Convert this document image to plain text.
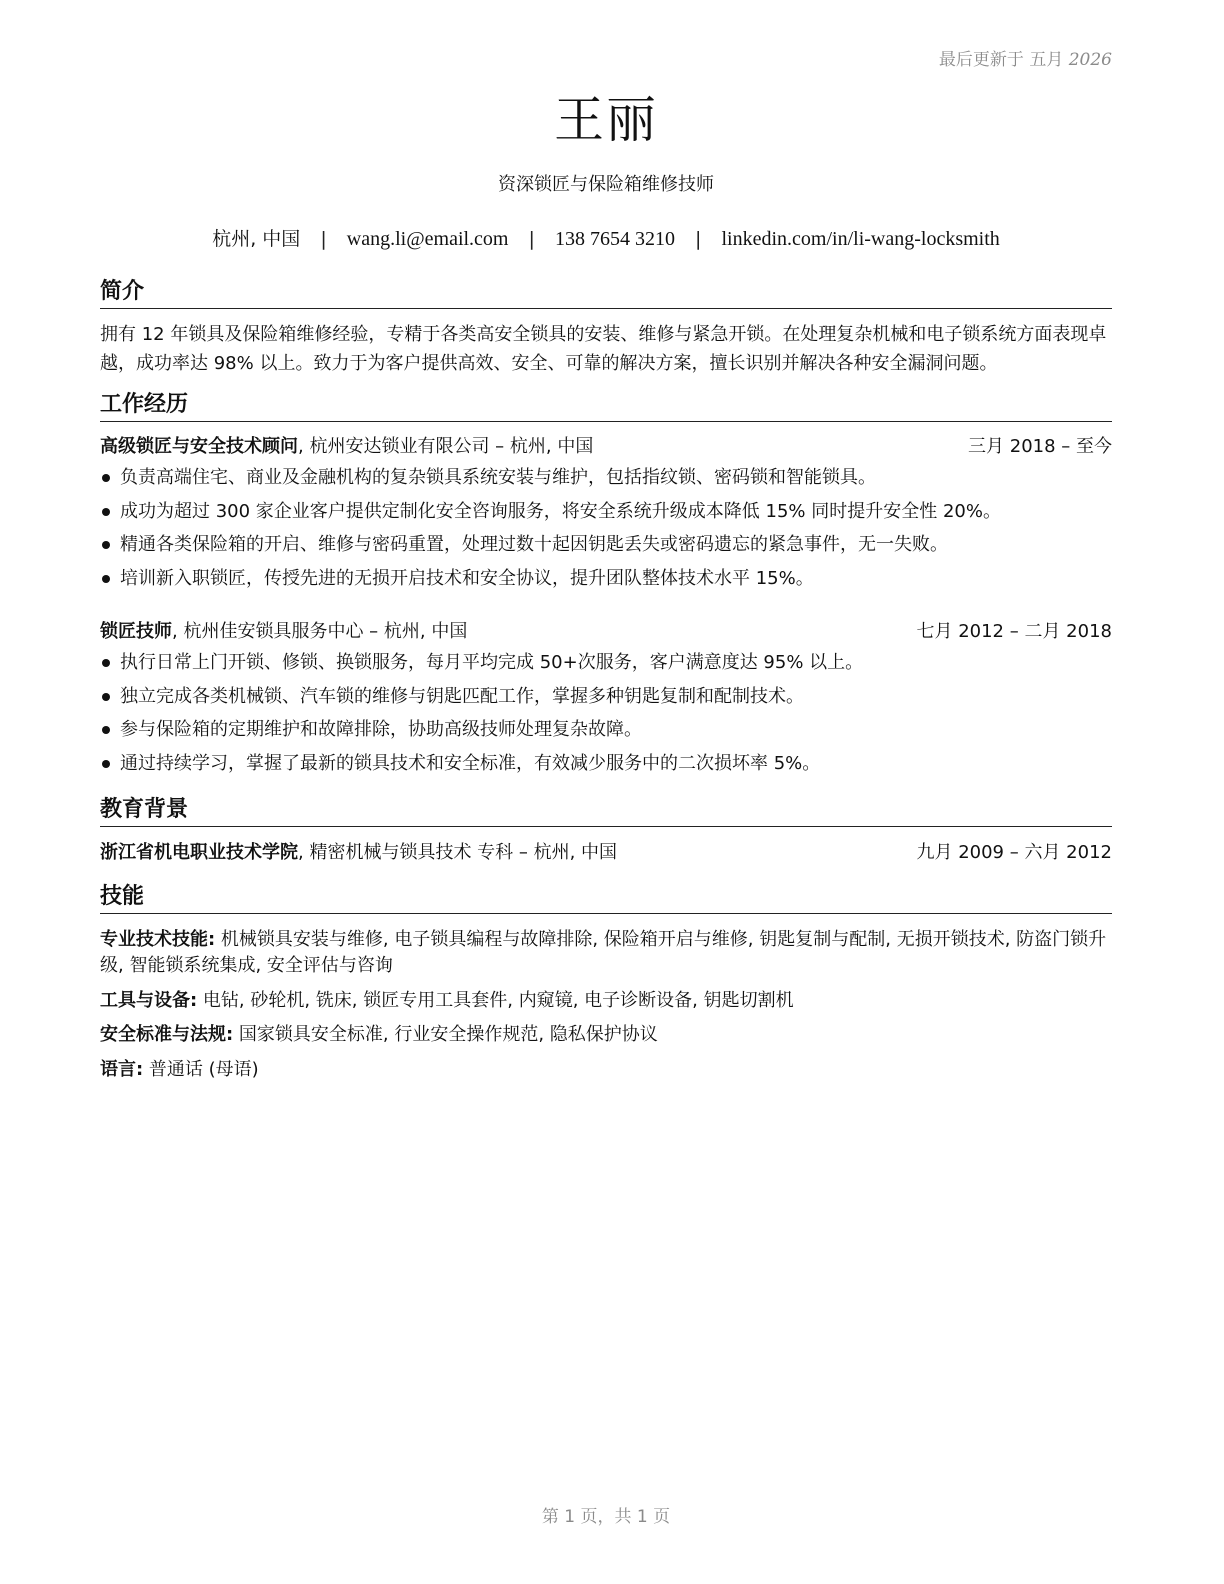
最后更新于 五月 2026
王丽
资深锁匠与保险箱维修技师
杭州, 中国 | wang.li@email.com | 138 7654 3210 | linkedin.com/in/li-wang-locksmith
简介
拥有 12 年锁具及保险箱维修经验，专精于各类高安全锁具的安装、维修与紧急开锁。在处理复杂机械和电子锁系统方面表现卓越，成功率达 98% 以上。致力于为客户提供高效、安全、可靠的解决方案，擅长识别并解决各种安全漏洞问题。
工作经历
高级锁匠与安全技术顾问, 杭州安达锁业有限公司 – 杭州, 中国	三月 2018 – 至今
负责高端住宅、商业及金融机构的复杂锁具系统安装与维护，包括指纹锁、密码锁和智能锁具。
成功为超过 300 家企业客户提供定制化安全咨询服务，将安全系统升级成本降低 15% 同时提升安全性 20%。
精通各类保险箱的开启、维修与密码重置，处理过数十起因钥匙丢失或密码遗忘的紧急事件，无一失败。
培训新入职锁匠，传授先进的无损开启技术和安全协议，提升团队整体技术水平 15%。
锁匠技师, 杭州佳安锁具服务中心 – 杭州, 中国	七月 2012 – 二月 2018
执行日常上门开锁、修锁、换锁服务，每月平均完成 50+次服务，客户满意度达 95% 以上。
独立完成各类机械锁、汽车锁的维修与钥匙匹配工作，掌握多种钥匙复制和配制技术。
参与保险箱的定期维护和故障排除，协助高级技师处理复杂故障。
通过持续学习，掌握了最新的锁具技术和安全标准，有效减少服务中的二次损坏率 5%。
教育背景
浙江省机电职业技术学院, 精密机械与锁具技术 专科 – 杭州, 中国	九月 2009 – 六月 2012
技能
专业技术技能: 机械锁具安装与维修, 电子锁具编程与故障排除, 保险箱开启与维修, 钥匙复制与配制, 无损开锁技术, 防盗门锁升级, 智能锁系统集成, 安全评估与咨询
工具与设备: 电钻, 砂轮机, 铣床, 锁匠专用工具套件, 内窥镜, 电子诊断设备, 钥匙切割机
安全标准与法规: 国家锁具安全标准, 行业安全操作规范, 隐私保护协议
语言: 普通话 (母语)
第 1 页，共 1 页
